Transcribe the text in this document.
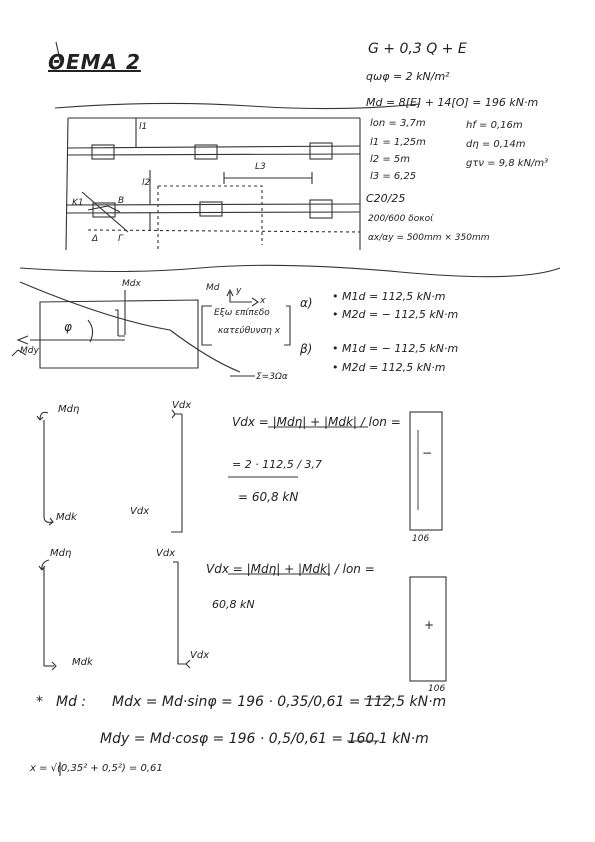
ΘΕΜΑ 2
G + 0,3 Q + E
qωφ = 2 kN/m²
Md = 8[E] + 14[O] = 196 kN·m
lοn = 3,7m	hf = 0,16m
l1 = 1,25m	dη = 0,14m
l2 = 5m	gτν = 9,8 kN/m³
l3 = 6,25
C20/25
200/600 δοκοί
αx/αy = 500mm × 350mm
l1
l2
L3
B
Γ
Δ
K1
Mdx	Md y
x
φ
Mdy
Εξω επίπεδο
κατεύθυνση x
Σ=3Ωα
α) • M1d = 112,5 kN·m
• M2d = − 112,5 kN·m
β) • M1d = − 112,5 kN·m
• M2d = 112,5 kN·m
Mdη
Mdk
Vdx
Vdx
−
106
Vdx = |Mdη| + |Mdk| / lοn =
= 2 · 112,5 / 3,7
= 60,8 kN
Mdη
Mdk
Vdx
Vdx
+
106
Vdx = |Mdη| + |Mdk| / lοn =
60,8 kN
* Md : Mdx = Md·sinφ = 196 · 0,35/0,61 = 112,5 kN·m
Mdy = Md·cosφ = 196 · 0,5/0,61 = 160,1 kN·m
x = √(0,35² + 0,5²) = 0,61
